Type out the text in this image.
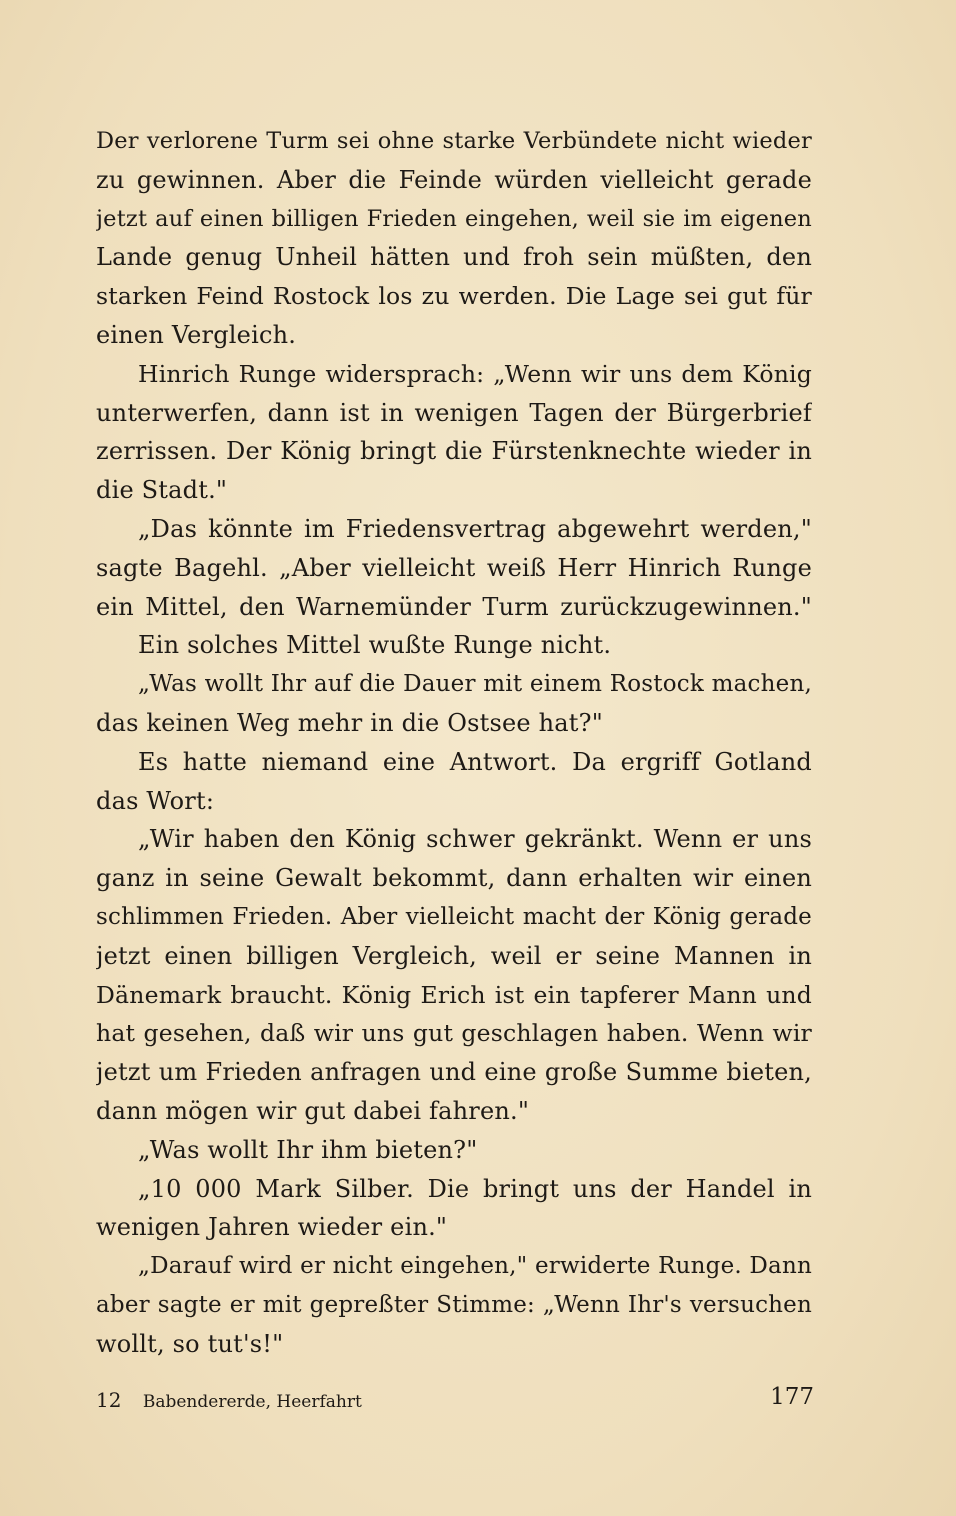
Der verlorene Turm sei ohne starke Verbündete nicht wieder
zu gewinnen. Aber die Feinde würden vielleicht gerade
jetzt auf einen billigen Frieden eingehen, weil sie im eigenen
Lande genug Unheil hätten und froh sein müßten, den
starken Feind Rostock los zu werden. Die Lage sei gut für
einen Vergleich.
Hinrich Runge widersprach: „Wenn wir uns dem König
unterwerfen, dann ist in wenigen Tagen der Bürgerbrief
zerrissen. Der König bringt die Fürstenknechte wieder in
die Stadt."
„Das könnte im Friedensvertrag abgewehrt werden,"
sagte Bagehl. „Aber vielleicht weiß Herr Hinrich Runge
ein Mittel, den Warnemünder Turm zurückzugewinnen."
Ein solches Mittel wußte Runge nicht.
„Was wollt Ihr auf die Dauer mit einem Rostock machen,
das keinen Weg mehr in die Ostsee hat?"
Es hatte niemand eine Antwort. Da ergriff Gotland
das Wort:
„Wir haben den König schwer gekränkt. Wenn er uns
ganz in seine Gewalt bekommt, dann erhalten wir einen
schlimmen Frieden. Aber vielleicht macht der König gerade
jetzt einen billigen Vergleich, weil er seine Mannen in
Dänemark braucht. König Erich ist ein tapferer Mann und
hat gesehen, daß wir uns gut geschlagen haben. Wenn wir
jetzt um Frieden anfragen und eine große Summe bieten,
dann mögen wir gut dabei fahren."
„Was wollt Ihr ihm bieten?"
„10 000 Mark Silber. Die bringt uns der Handel in
wenigen Jahren wieder ein."
„Darauf wird er nicht eingehen," erwiderte Runge. Dann
aber sagte er mit gepreßter Stimme: „Wenn Ihr's versuchen
wollt, so tut's!"
12 Babendererde, Heerfahrt	177
